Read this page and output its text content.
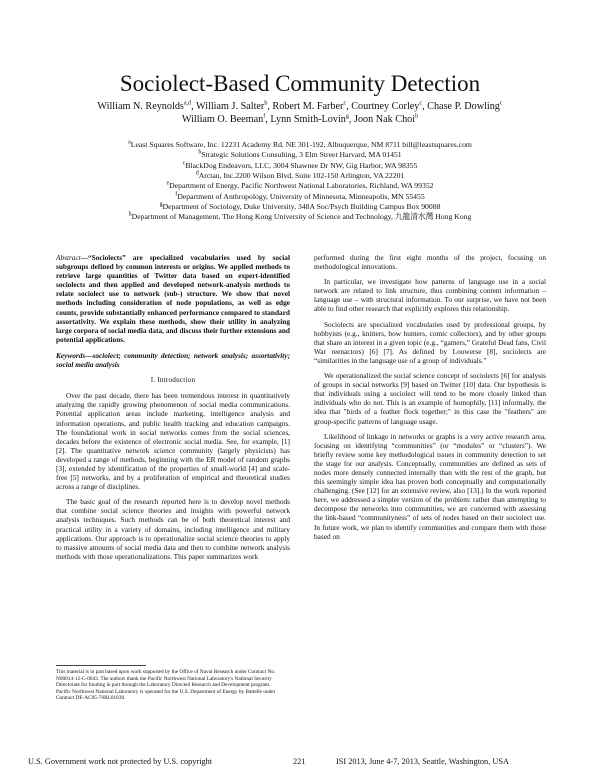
Sociolect-Based Community Detection
William N. Reynolds$^{a,d}$, William J. Salter$^b$, Robert M. Farber$^c$, Courtney Corley$^c$, Chase P. Dowling$^c$
William O. Beeman$^f$, Lynn Smith-Lovin$^g$, Joon Nak Choi$^h$
$^a$Least Squares Software, Inc. 12231 Academy Rd. NE 301-192, Albuquerque, NM 8711 bill@leastsquares.com
$^b$Strategic Solutions Consulting, 3 Elm Street Harvard, MA 01451
$^c$BlackDog Endeavors, LLC, 3004 Shawnee Dr NW, Gig Harbor, WA 98355
$^d$Arctan, Inc.2200 Wilson Blvd, Suite 102-150 Arlington, VA 22201
$^e$Department of Energy, Pacific Northwest National Laboratories, Richland, WA 99352
$^f$Department of Anthropology, University of Minnesota, Minneapolis, MN 55455
$^g$Department of Sociology, Duke University, 348A Soc/Psych Building Campus Box 90088
$^h$Department of Management, The Hong Kong University of Science and Technology, 九龍清水灣 Hong Kong

Abstract—“Sociolects” are specialized vocabularies used by social subgroups defined by common interests or origins. We applied methods to retrieve large quantities of Twitter data based on expert-identified sociolects and then applied and developed network-analysis methods to relate sociolect use to network (sub-) structure. We show that novel methods including consideration of node populations, as well as edge counts, provide substantially enhanced performance compared to standard assortativity. We explain these methods, show their utility in analyzing large corpora of social media data, and discuss their further extensions and potential applications.

Keywords—sociolect; community detection; network analysis; assortativity; social media analysis

I. Introduction

Over the past decade, there has been tremendous interest in quantitatively analyzing the rapidly growing phenomenon of social media communications. Potential application areas include marketing, intelligence analysis and information operations, and public health tracking and education campaigns. The foundational work in social networks comes from the social sciences, decades before the existence of electronic social media. See, for example, [1] [2]. The quantitative network science community (largely physicists) has developed a range of methods, beginning with the ER model of random graphs [3], extended by identification of the properties of small-world [4] and scale-free [5] networks, and by a proliferation of empirical and theoretical studies across a range of disciplines.

The basic goal of the research reported here is to develop novel methods that combine social science theories and insights with powerful network analysis techniques. Such methods can be of both theoretical interest and practical utility in a variety of domains, including intelligence and military applications. Our approach is to operationalize social science theories to apply to massive amounts of social media data and then to combine network analysis methods with those operationalizations. This paper summarizes work

This material is in part based upon work supported by the Office of Naval Research under Contract No. N00014-12-C-0043. The authors thank the Pacific Northwest National Laboratory's National Security Directorate for funding in part through the Laboratory Directed Research and Development program. Pacific Northwest National Laboratory is operated for the U.S. Department of Energy by Battelle under Contract DE-AC05-76RL01830.

performed during the first eight months of the project, focusing on methodological innovations.

In particular, we investigate how patterns of language use in a social network are related to link structure, thus combining content information – language use – with structural information. To our surprise, we have not been able to find other research that explicitly explores this relationship.

Sociolects are specialized vocabularies used by professional groups, by hobbyists (e.g., knitters, bow hunters, comic collectors), and by other groups that share an interest in a given topic (e.g., “gamers,” Grateful Dead fans, Civil War reenactors) [6] [7]. As defined by Louwerse [8], sociolects are “similarities in the language use of a group of individuals.”

We operationalized the social science concept of sociolects [6] for analysis of groups in social networks [9] based on Twitter [10] data. Our hypothesis is that individuals using a sociolect will tend to be more closely linked than individuals who do not. This is an example of homophily, [11] informally, the idea that "birds of a feather flock together;" in this case the "feathers" are group-specific patterns of language usage.

Likelihood of linkage in networks or graphs is a very active research area, focusing on identifying “communities” (or “modules” or “clusters”). We briefly review some key methodological issues in community detection to set the stage for our analysis. Conceptually, communities are defined as sets of nodes more densely connected internally than with the rest of the graph, but this seemingly simple idea has proven both conceptually and computationally challenging. (See [12] for an extensive review, also [13].) In the work reported here, we addressed a simpler version of the problem: rather than attempting to decompose the networks into communities, we are concerned with assessing the link-based “communityness” of sets of nodes based on their sociolect use. In future work, we plan to identify communities and compare them with those based on

U.S. Government work not protected by U.S. copyright	221	ISI 2013, June 4-7, 2013, Seattle, Washington, USA
